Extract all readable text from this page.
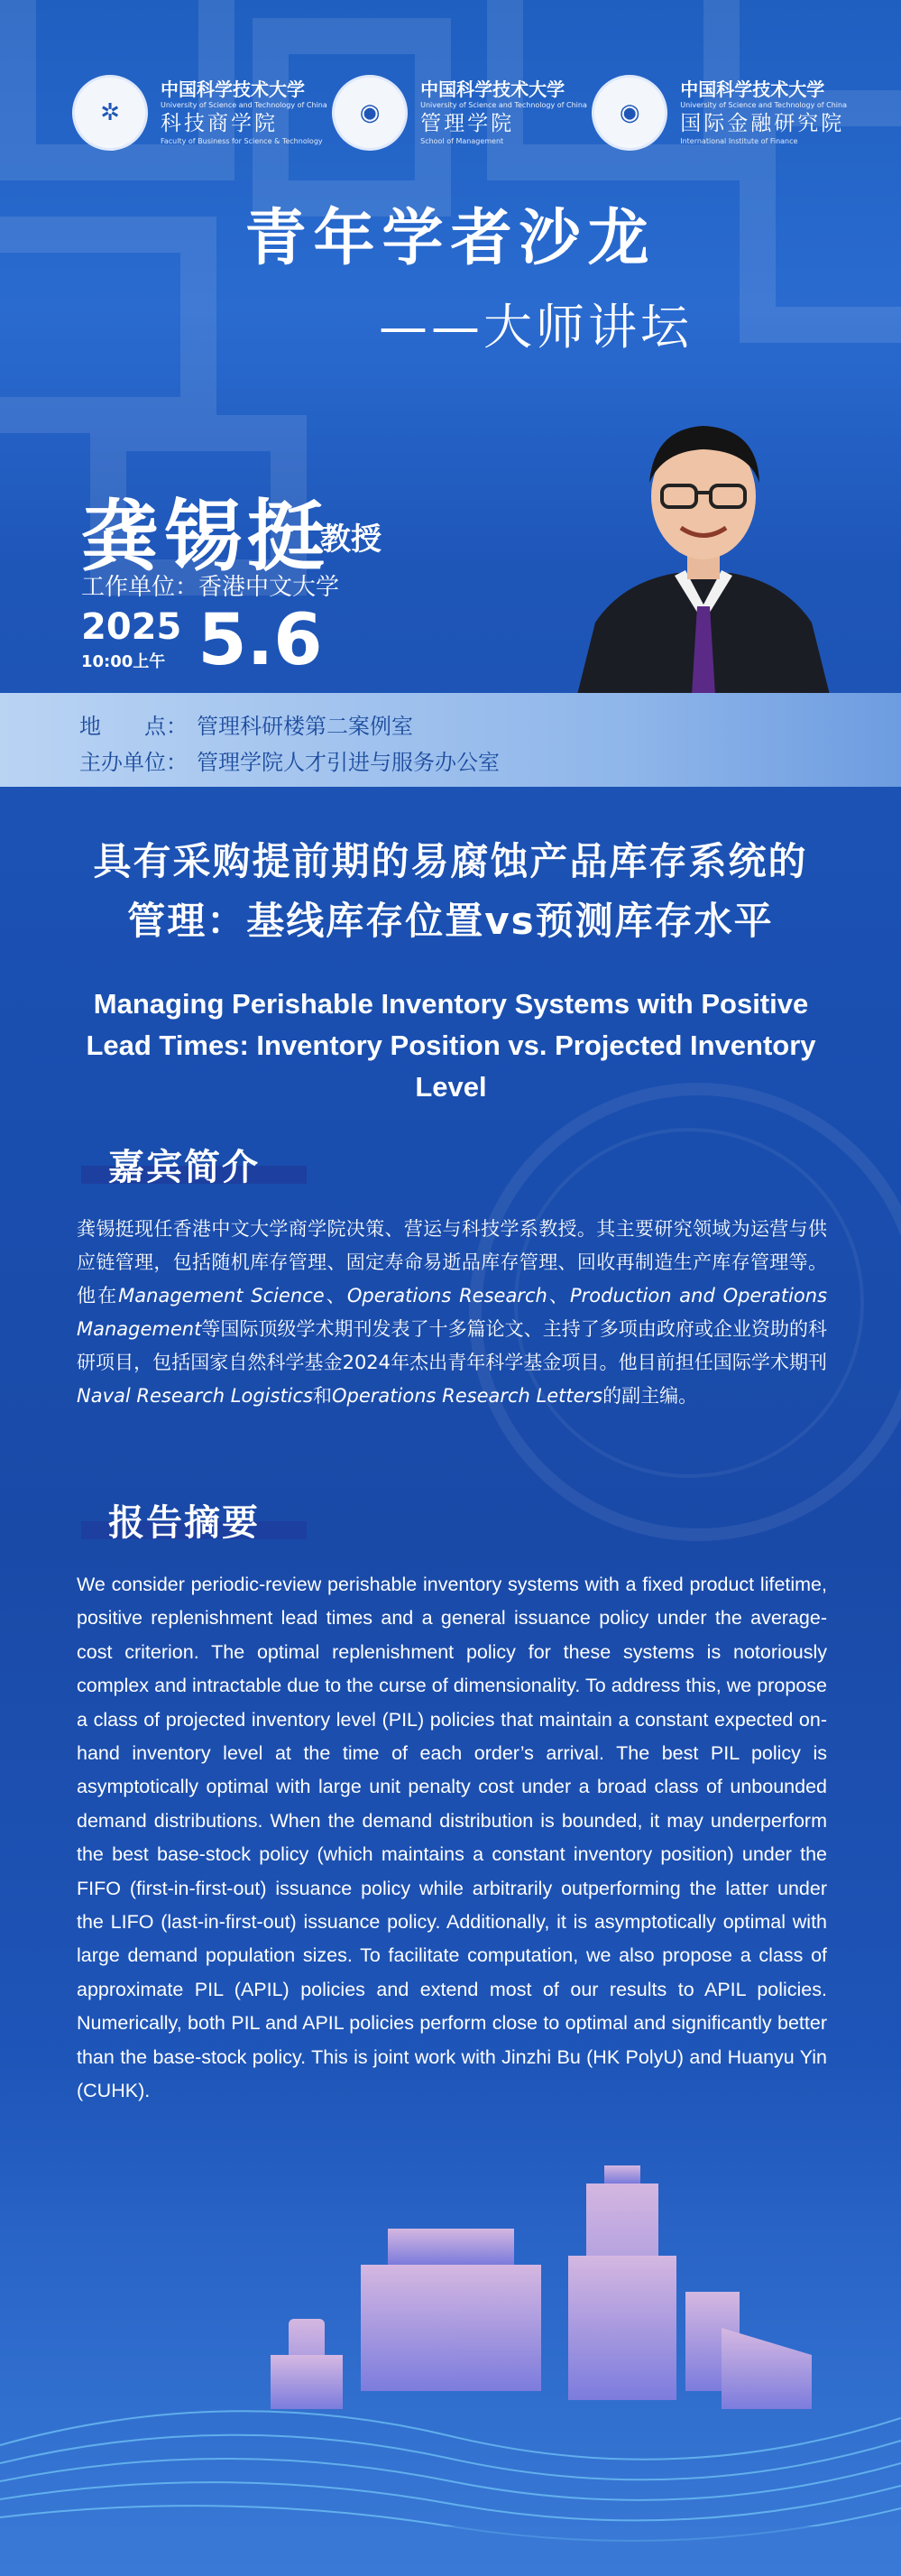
✲
中国科学技术大学
University of Science and Technology of China
科技商学院
Faculty of Business for Science & Technology
◉
中国科学技术大学
University of Science and Technology of China
管理学院
School of Management
◉
中国科学技术大学
University of Science and Technology of China
国际金融研究院
International Institute of Finance
青年学者沙龙
——大师讲坛
龚锡挺
教授
工作单位：香港中文大学
2025
10:00上午 5.6
地　　点： 管理科研楼第二案例室
主办单位： 管理学院人才引进与服务办公室
具有采购提前期的易腐蚀产品库存系统的
管理：基线库存位置vs预测库存水平
Managing Perishable Inventory Systems with Positive Lead Times: Inventory Position vs. Projected Inventory Level
嘉宾简介
龚锡挺现任香港中文大学商学院决策、营运与科技学系教授。其主要研究领域为运营与供应链管理，包括随机库存管理、固定寿命易逝品库存管理、回收再制造生产库存管理等。他在Management Science、Operations Research、Production and Operations Management等国际顶级学术期刊发表了十多篇论文、主持了多项由政府或企业资助的科研项目，包括国家自然科学基金2024年杰出青年科学基金项目。他目前担任国际学术期刊Naval Research Logistics和Operations Research Letters的副主编。
报告摘要
We consider periodic-review perishable inventory systems with a fixed product lifetime, positive replenishment lead times and a general issuance policy under the average-cost criterion. The optimal replenishment policy for these systems is notoriously complex and intractable due to the curse of dimensionality. To address this, we propose a class of projected inventory level (PIL) policies that maintain a constant expected on-hand inventory level at the time of each order’s arrival. The best PIL policy is asymptotically optimal with large unit penalty cost under a broad class of unbounded demand distributions. When the demand distribution is bounded, it may underperform the best base-stock policy (which maintains a constant inventory position) under the FIFO (first-in-first-out) issuance policy while arbitrarily outperforming the latter under the LIFO (last-in-first-out) issuance policy. Additionally, it is asymptotically optimal with large demand population sizes. To facilitate computation, we also propose a class of approximate PIL (APIL) policies and extend most of our results to APIL policies. Numerically, both PIL and APIL policies perform close to optimal and significantly better than the base-stock policy. This is joint work with Jinzhi Bu (HK PolyU) and Huanyu Yin (CUHK).
